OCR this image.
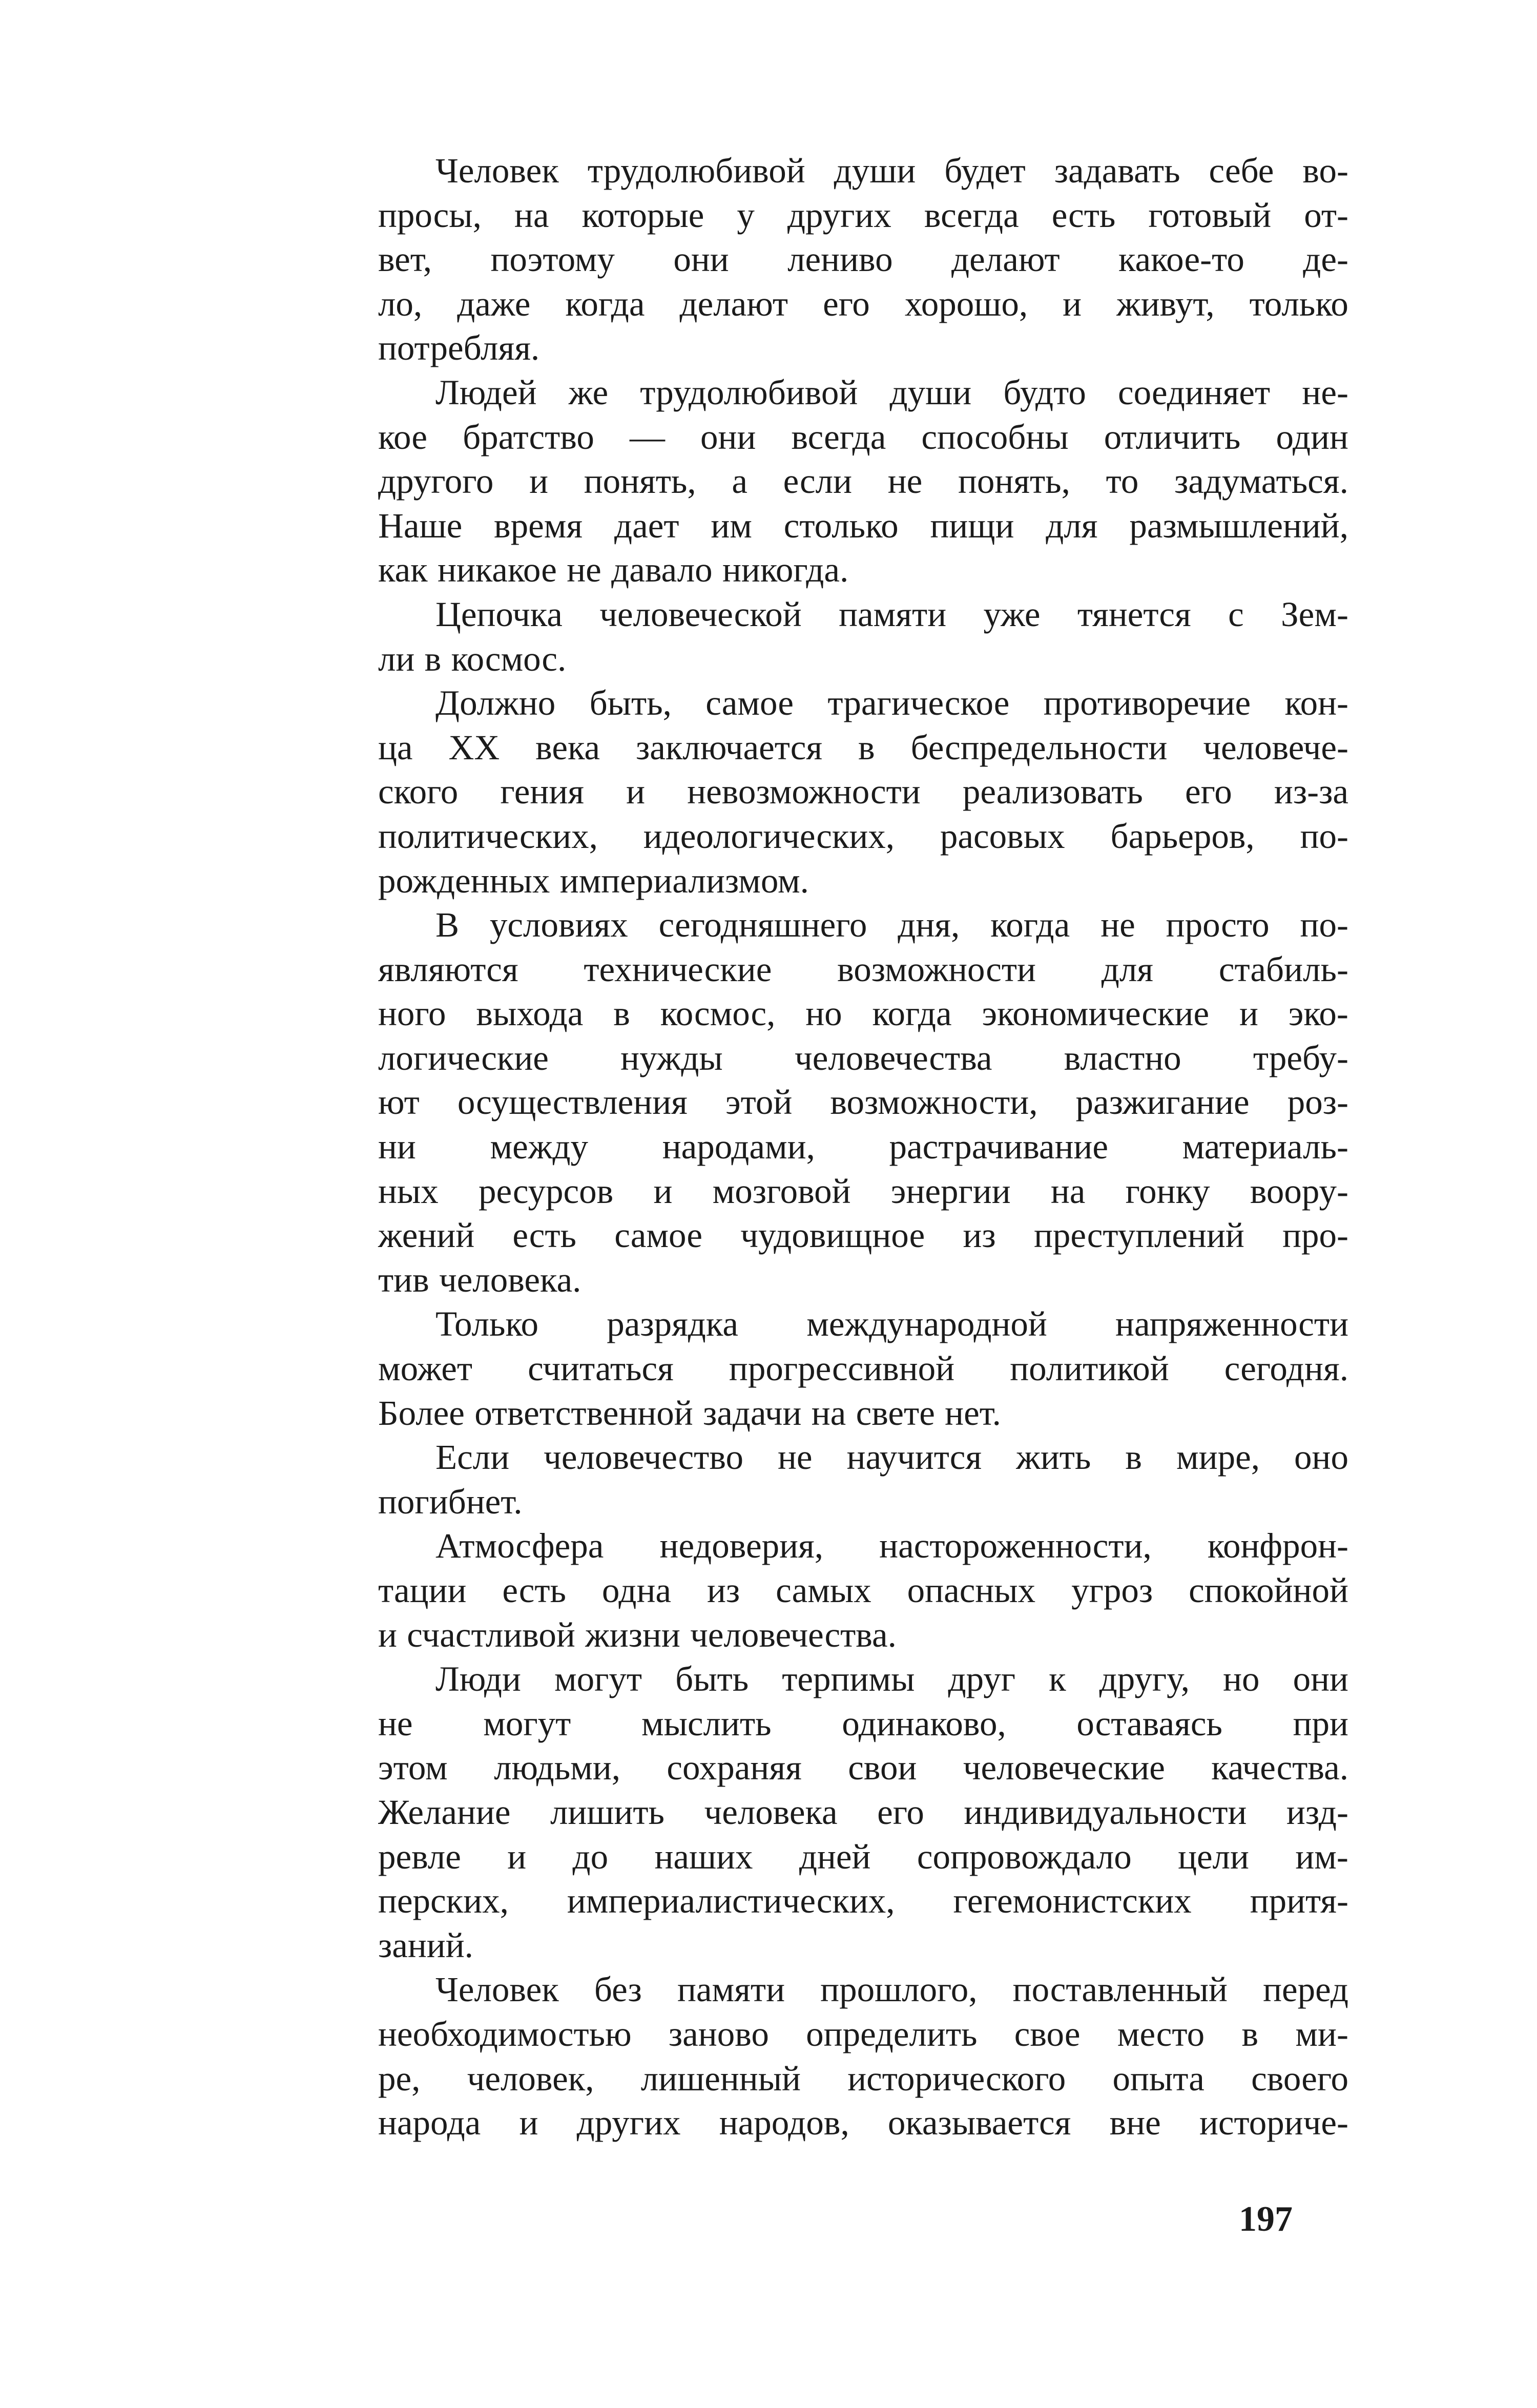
Человек трудолюбивой души будет задавать себе во-
просы, на которые у других всегда есть готовый от-
вет, поэтому они лениво делают какое-то де-
ло, даже когда делают его хорошо, и живут, только
потребляя.
Людей же трудолюбивой души будто соединяет не-
кое братство — они всегда способны отличить один
другого и понять, а если не понять, то задуматься.
Наше время дает им столько пищи для размышлений,
как никакое не давало никогда.
Цепочка человеческой памяти уже тянется с Зем-
ли в космос.
Должно быть, самое трагическое противоречие кон-
ца XX века заключается в беспредельности человече-
ского гения и невозможности реализовать его из-за
политических, идеологических, расовых барьеров, по-
рожденных империализмом.
В условиях сегодняшнего дня, когда не просто по-
являются технические возможности для стабиль-
ного выхода в космос, но когда экономические и эко-
логические нужды человечества властно требу-
ют осуществления этой возможности, разжигание роз-
ни между народами, растрачивание материаль-
ных ресурсов и мозговой энергии на гонку воору-
жений есть самое чудовищное из преступлений про-
тив человека.
Только разрядка международной напряженности
может считаться прогрессивной политикой сегодня.
Более ответственной задачи на свете нет.
Если человечество не научится жить в мире, оно
погибнет.
Атмосфера недоверия, настороженности, конфрон-
тации есть одна из самых опасных угроз спокойной
и счастливой жизни человечества.
Люди могут быть терпимы друг к другу, но они
не могут мыслить одинаково, оставаясь при
этом людьми, сохраняя свои человеческие качества.
Желание лишить человека его индивидуальности изд-
ревле и до наших дней сопровождало цели им-
перских, империалистических, гегемонистских притя-
заний.
Человек без памяти прошлого, поставленный перед
необходимостью заново определить свое место в ми-
ре, человек, лишенный исторического опыта своего
народа и других народов, оказывается вне историче-
197
